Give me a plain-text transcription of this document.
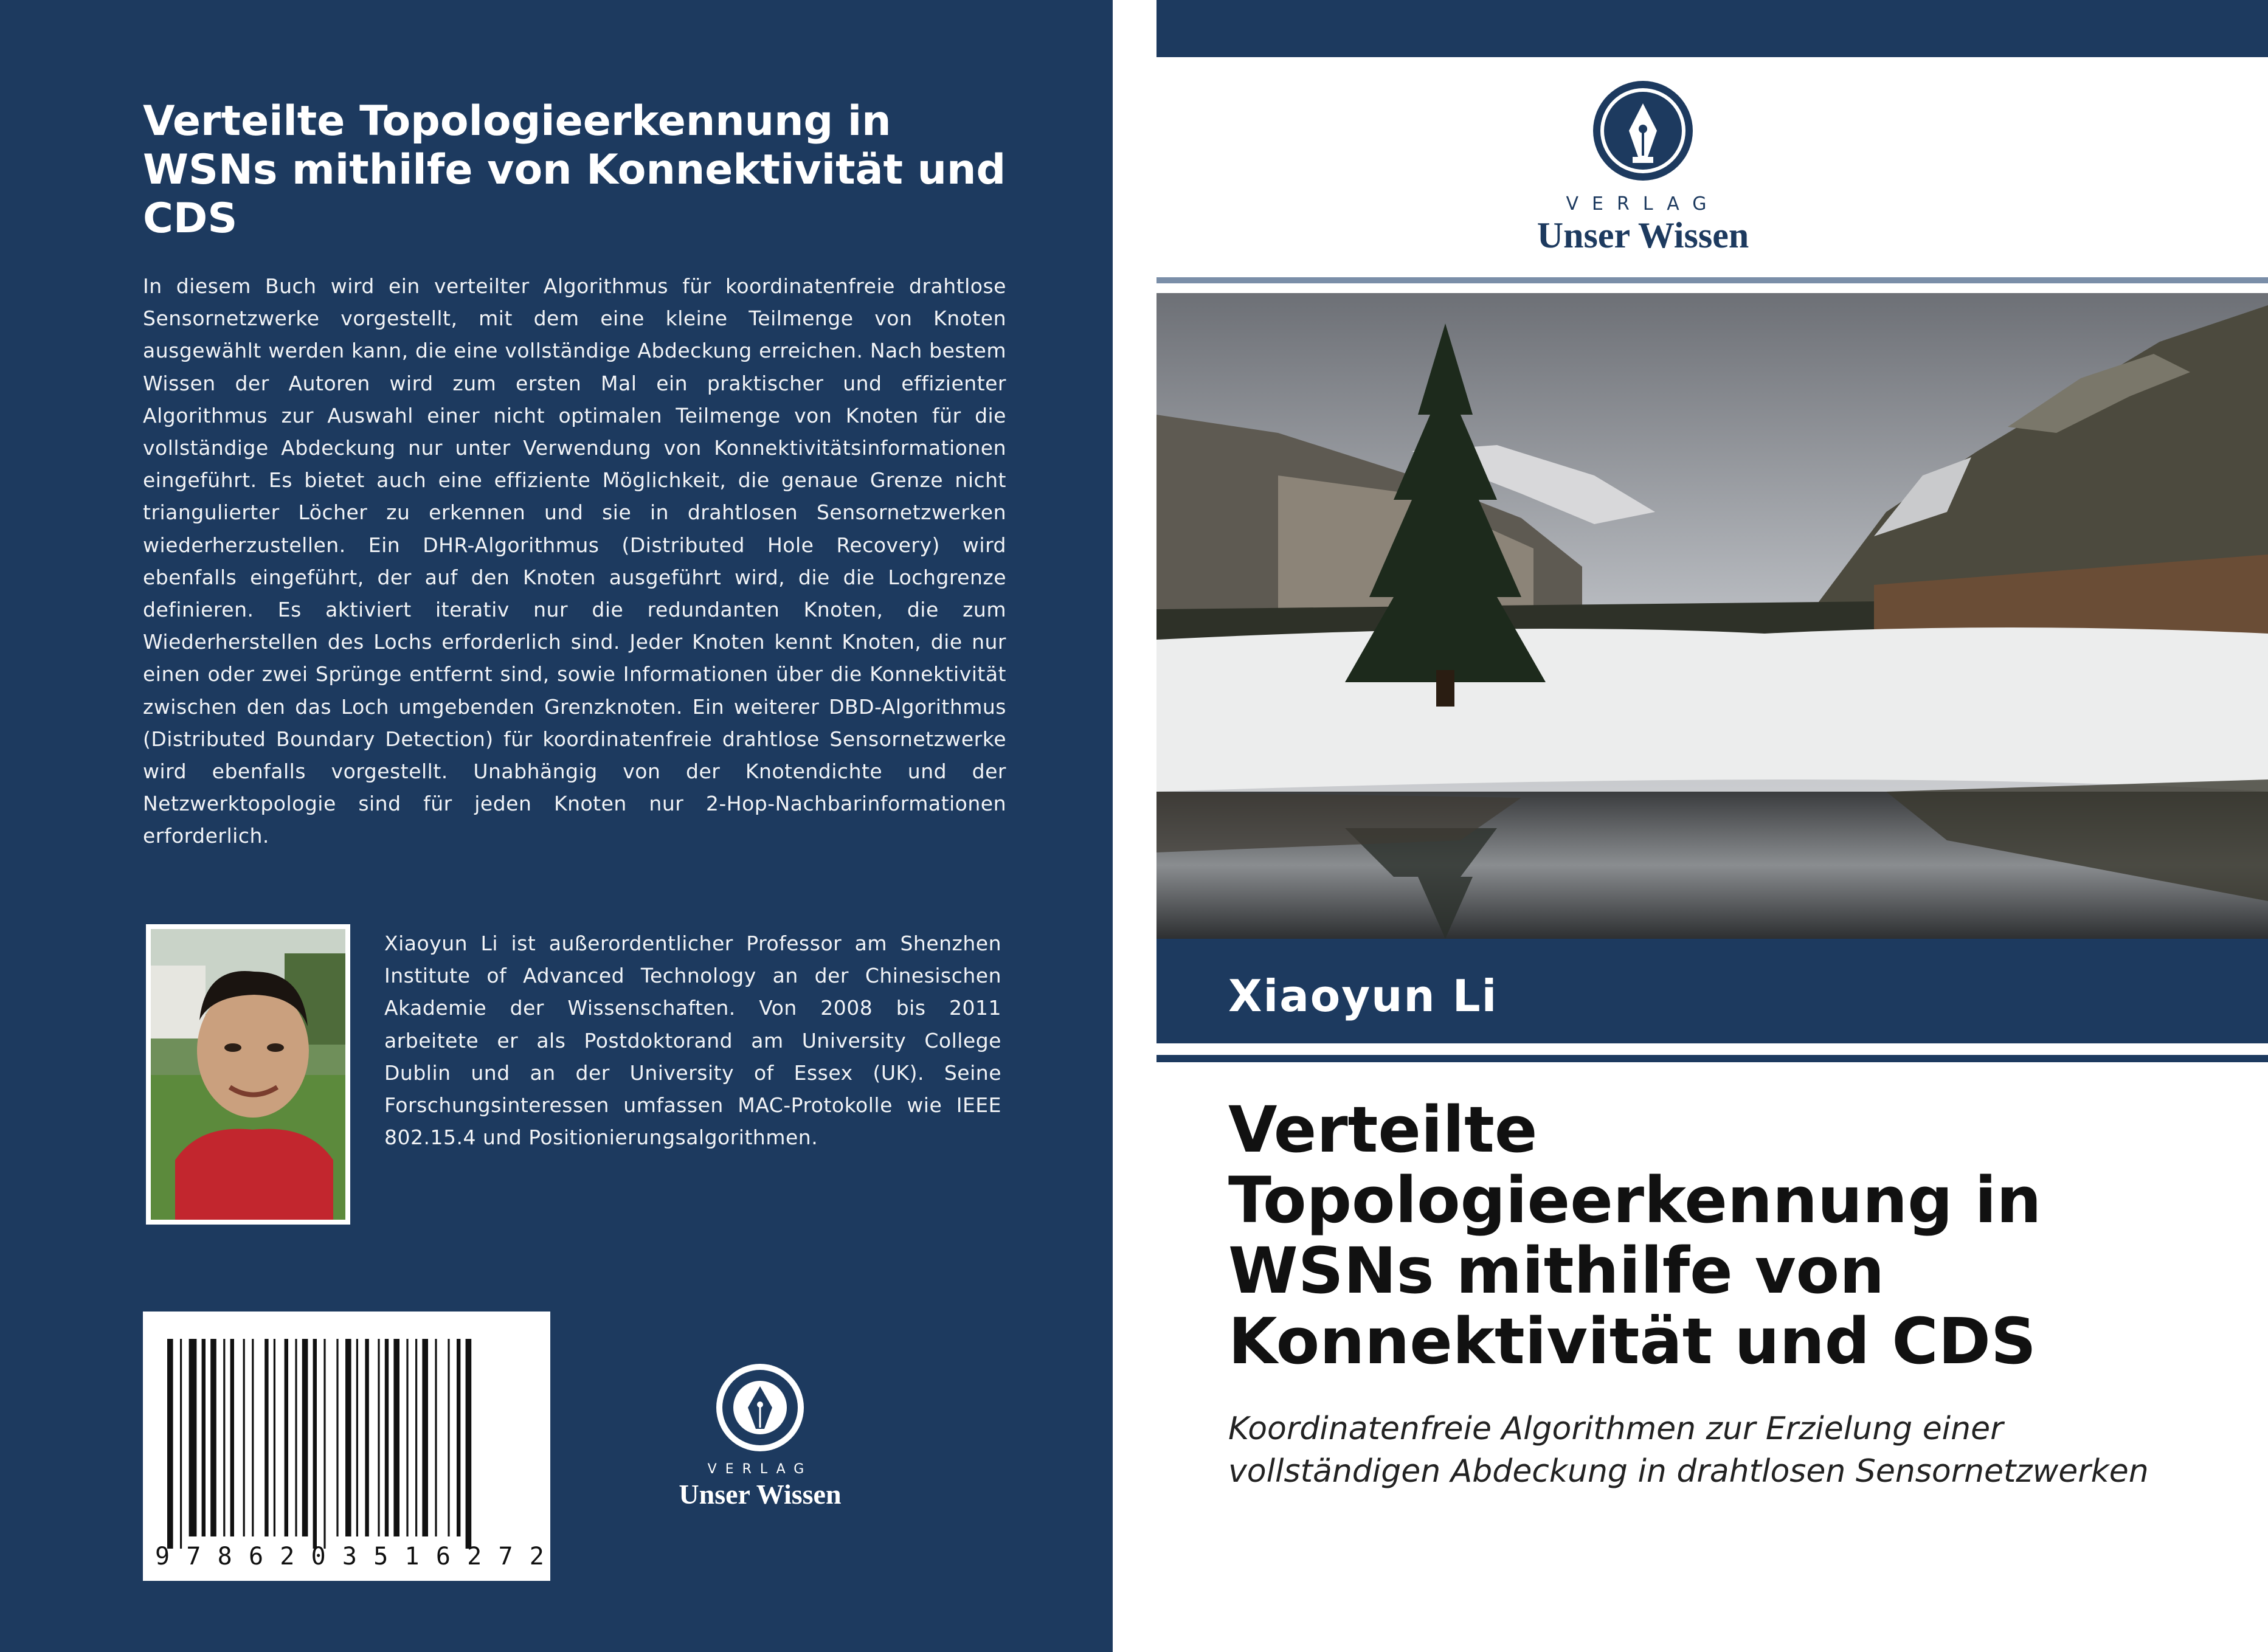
Verteilte Topologieerkennung in WSNs mithilfe von Konnektivität und CDS

In diesem Buch wird ein verteilter Algorithmus für koordinatenfreie drahtlose Sensornetzwerke vorgestellt, mit dem eine kleine Teilmenge von Knoten ausgewählt werden kann, die eine vollständige Abdeckung erreichen. Nach bestem Wissen der Autoren wird zum ersten Mal ein praktischer und effizienter Algorithmus zur Auswahl einer nicht optimalen Teilmenge von Knoten für die vollständige Abdeckung nur unter Verwendung von Konnektivitätsinformationen eingeführt. Es bietet auch eine effiziente Möglichkeit, die genaue Grenze nicht triangulierter Löcher zu erkennen und sie in drahtlosen Sensornetzwerken wiederherzustellen. Ein DHR-Algorithmus (Distributed Hole Recovery) wird ebenfalls eingeführt, der auf den Knoten ausgeführt wird, die die Lochgrenze definieren. Es aktiviert iterativ nur die redundanten Knoten, die zum Wiederherstellen des Lochs erforderlich sind. Jeder Knoten kennt Knoten, die nur einen oder zwei Sprünge entfernt sind, sowie Informationen über die Konnektivität zwischen den das Loch umgebenden Grenzknoten. Ein weiterer DBD-Algorithmus (Distributed Boundary Detection) für koordinatenfreie drahtlose Sensornetzwerke wird ebenfalls vorgestellt. Unabhängig von der Knotendichte und der Netzwerktopologie sind für jeden Knoten nur 2-Hop-Nachbarinformationen erforderlich.

Xiaoyun Li ist außerordentlicher Professor am Shenzhen Institute of Advanced Technology an der Chinesischen Akademie der Wissenschaften. Von 2008 bis 2011 arbeitete er als Postdoktorand am University College Dublin und an der University of Essex (UK). Seine Forschungsinteressen umfassen MAC-Protokolle wie IEEE 802.15.4 und Positionierungsalgorithmen.

9 7 8 6 2 0 3 5 1 6 2 7 2
VERLAG
Unser Wissen
VERLAG
Unser Wissen
Xiaoyun Li
Verteilte Topologieerkennung in WSNs mithilfe von Konnektivität und CDS

Koordinatenfreie Algorithmen zur Erzielung einer vollständigen Abdeckung in drahtlosen Sensornetzwerken
